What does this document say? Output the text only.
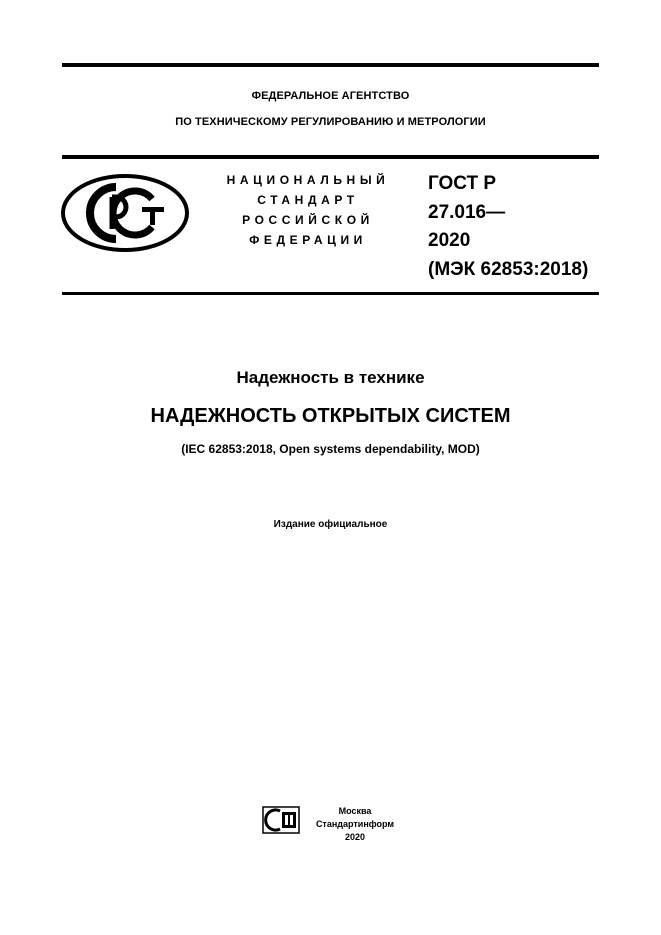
ФЕДЕРАЛЬНОЕ АГЕНТСТВО
ПО ТЕХНИЧЕСКОМУ РЕГУЛИРОВАНИЮ И МЕТРОЛОГИИ
НАЦИОНАЛЬНЫЙ
СТАНДАРТ
РОССИЙСКОЙ
ФЕДЕРАЦИИ
ГОСТ Р
27.016—
2020
(МЭК 62853:2018)
Надежность в технике
НАДЕЖНОСТЬ ОТКРЫТЫХ СИСТЕМ
(IEC 62853:2018, Open systems dependability, MOD)
Издание официальное
Москва
Стандартинформ
2020
